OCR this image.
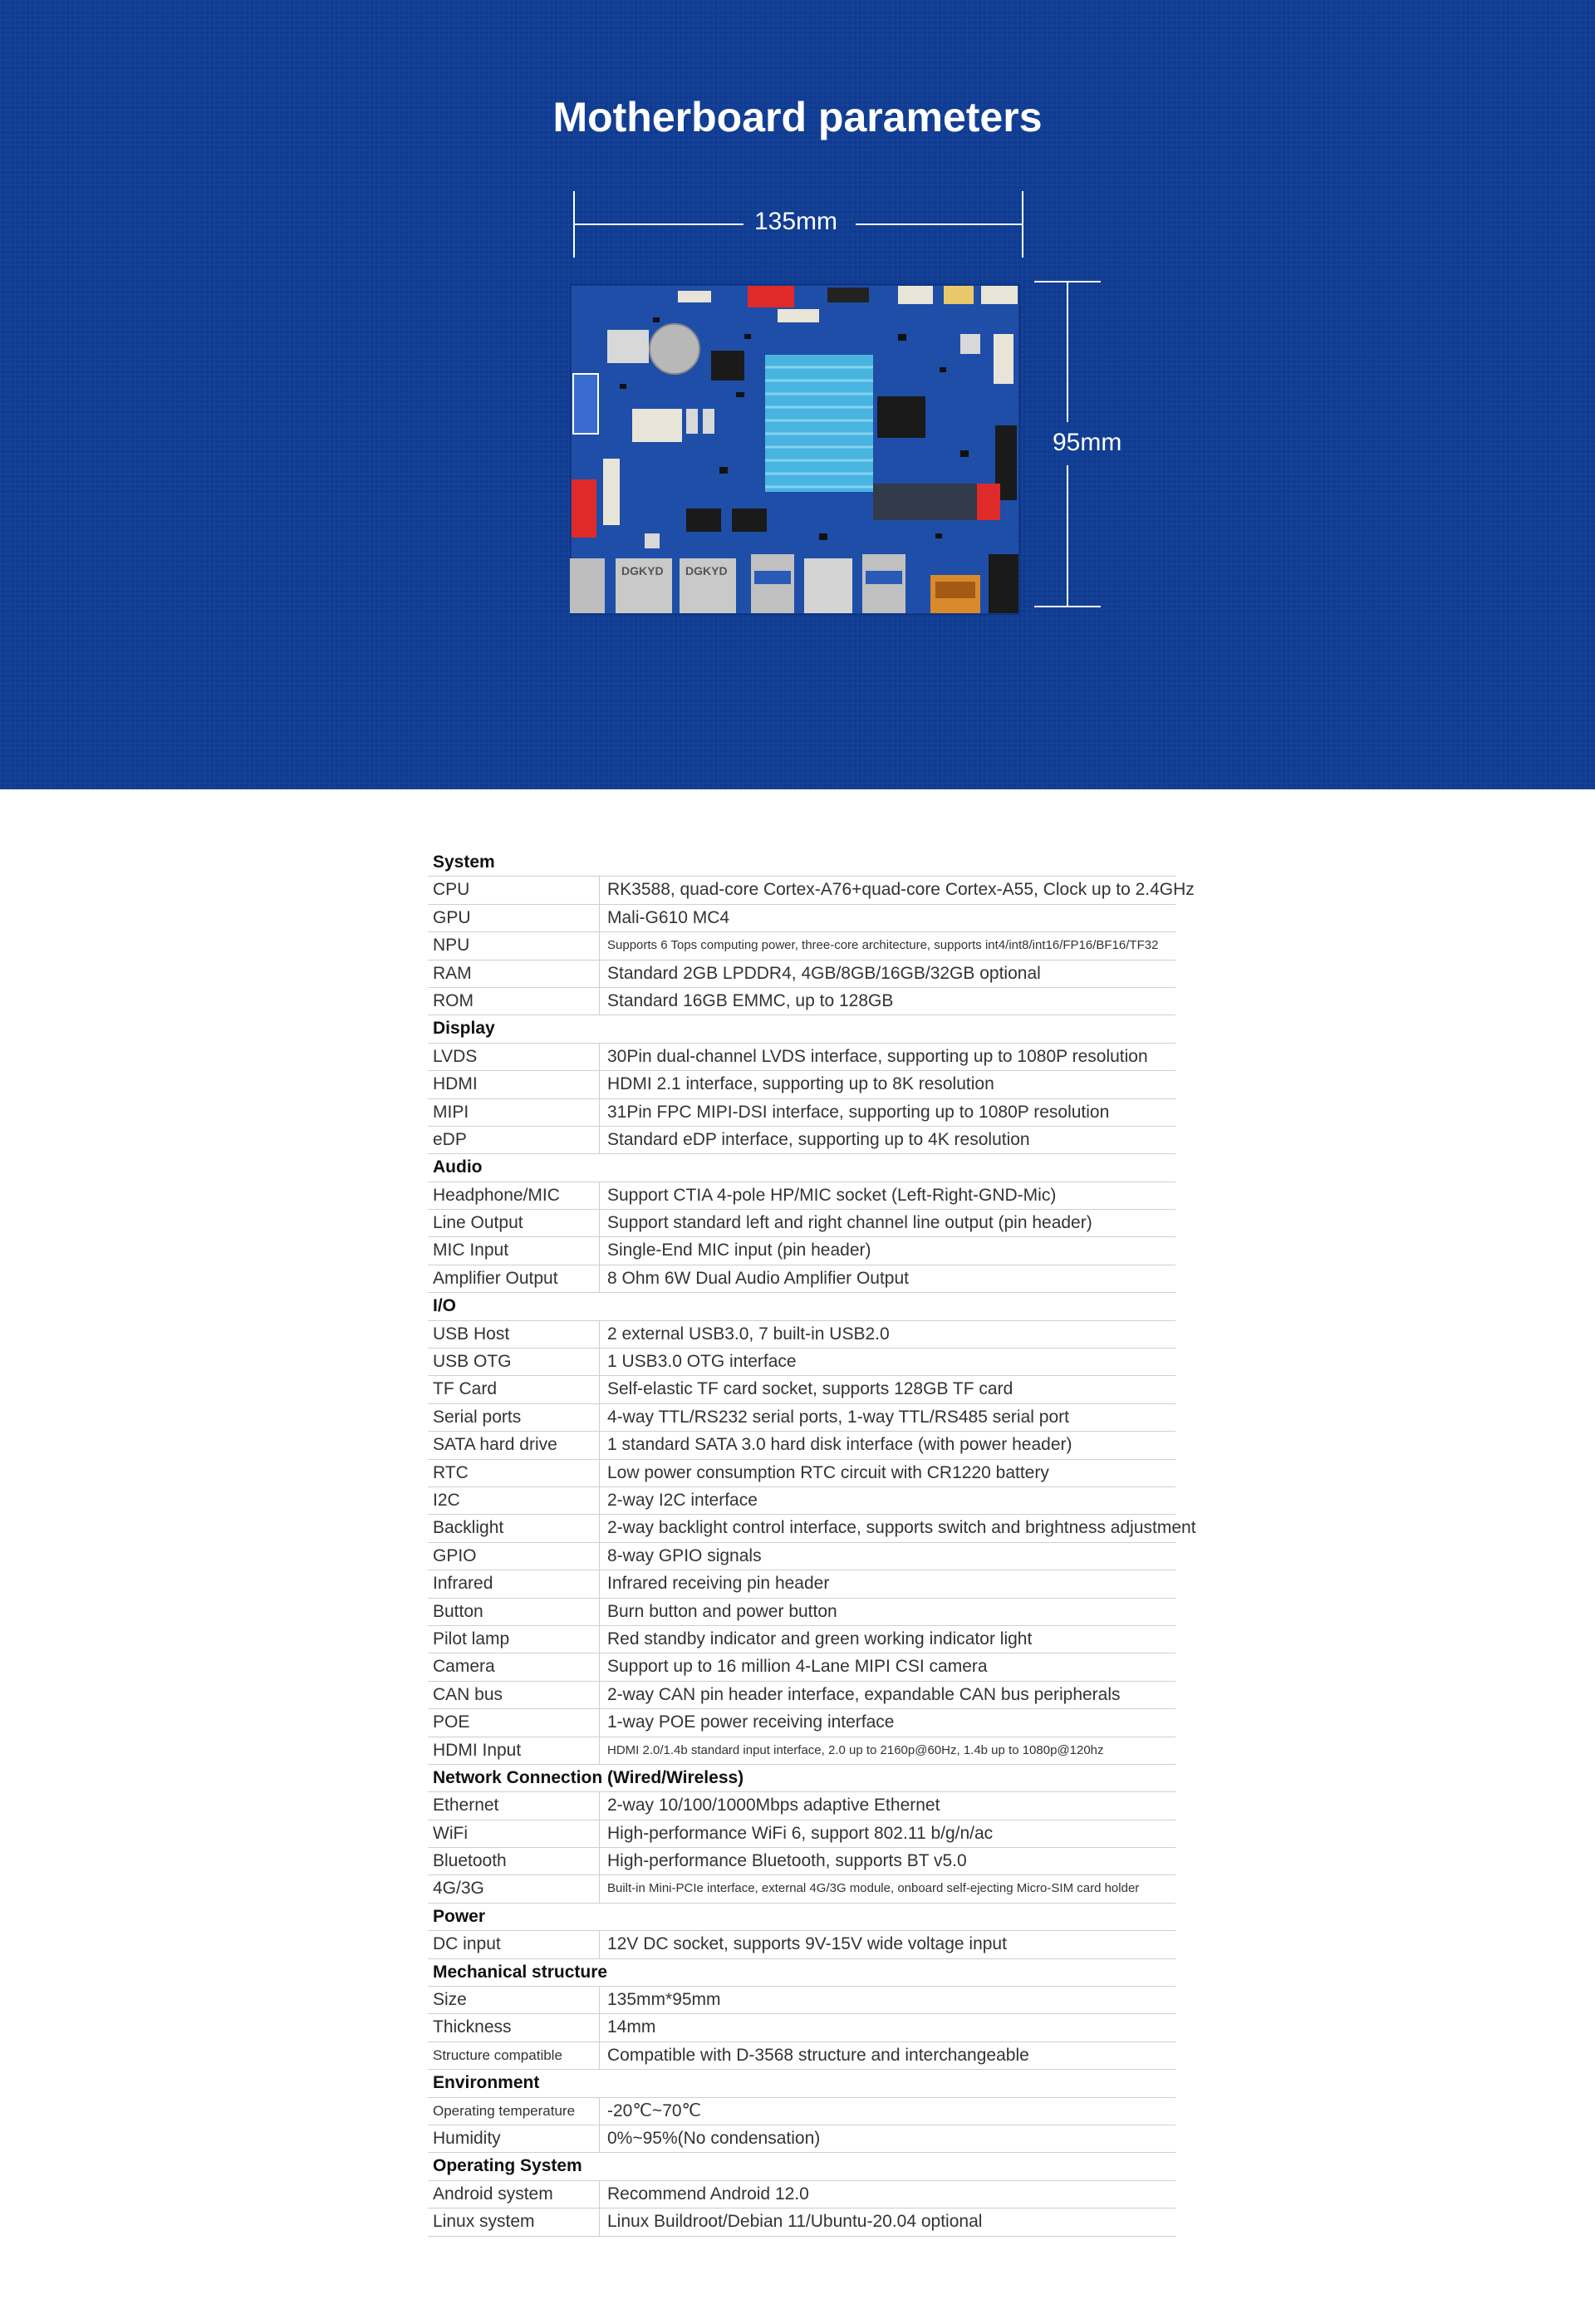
Motherboard parameters
135mm
95mm
DGKYD DGKYD
System
CPU	RK3588, quad-core Cortex-A76+quad-core Cortex-A55, Clock up to 2.4GHz
GPU	Mali-G610 MC4
NPU	Supports 6 Tops computing power, three-core architecture, supports int4/int8/int16/FP16/BF16/TF32
RAM	Standard 2GB LPDDR4, 4GB/8GB/16GB/32GB optional
ROM	Standard 16GB EMMC, up to 128GB
Display
LVDS	30Pin dual-channel LVDS interface, supporting up to 1080P resolution
HDMI	HDMI 2.1 interface, supporting up to 8K resolution
MIPI	31Pin FPC MIPI-DSI interface, supporting up to 1080P resolution
eDP	Standard eDP interface, supporting up to 4K resolution
Audio
Headphone/MIC	Support CTIA 4-pole HP/MIC socket (Left-Right-GND-Mic)
Line Output	Support standard left and right channel line output (pin header)
MIC Input	Single-End MIC input (pin header)
Amplifier Output	8 Ohm 6W Dual Audio Amplifier Output
I/O
USB Host	2 external USB3.0, 7 built-in USB2.0
USB OTG	1 USB3.0 OTG interface
TF Card	Self-elastic TF card socket, supports 128GB TF card
Serial ports	4-way TTL/RS232 serial ports, 1-way TTL/RS485 serial port
SATA hard drive	1 standard SATA 3.0 hard disk interface (with power header)
RTC	Low power consumption RTC circuit with CR1220 battery
I2C	2-way I2C interface
Backlight	2-way backlight control interface, supports switch and brightness adjustment
GPIO	8-way GPIO signals
Infrared	Infrared receiving pin header
Button	Burn button and power button
Pilot lamp	Red standby indicator and green working indicator light
Camera	Support up to 16 million 4-Lane MIPI CSI camera
CAN bus	2-way CAN pin header interface, expandable CAN bus peripherals
POE	1-way POE power receiving interface
HDMI Input	HDMI 2.0/1.4b standard input interface, 2.0 up to 2160p@60Hz, 1.4b up to 1080p@120hz
Network Connection (Wired/Wireless)
Ethernet	2-way 10/100/1000Mbps adaptive Ethernet
WiFi	High-performance WiFi 6, support 802.11 b/g/n/ac
Bluetooth	High-performance Bluetooth, supports BT v5.0
4G/3G	Built-in Mini-PCIe interface, external 4G/3G module, onboard self-ejecting Micro-SIM card holder
Power
DC input	12V DC socket, supports 9V-15V wide voltage input
Mechanical structure
Size	135mm*95mm
Thickness	14mm
Structure compatible	Compatible with D-3568 structure and interchangeable
Environment
Operating temperature	-20℃~70℃
Humidity	0%~95%(No condensation)
Operating System
Android system	Recommend Android 12.0
Linux system	Linux Buildroot/Debian 11/Ubuntu-20.04 optional
